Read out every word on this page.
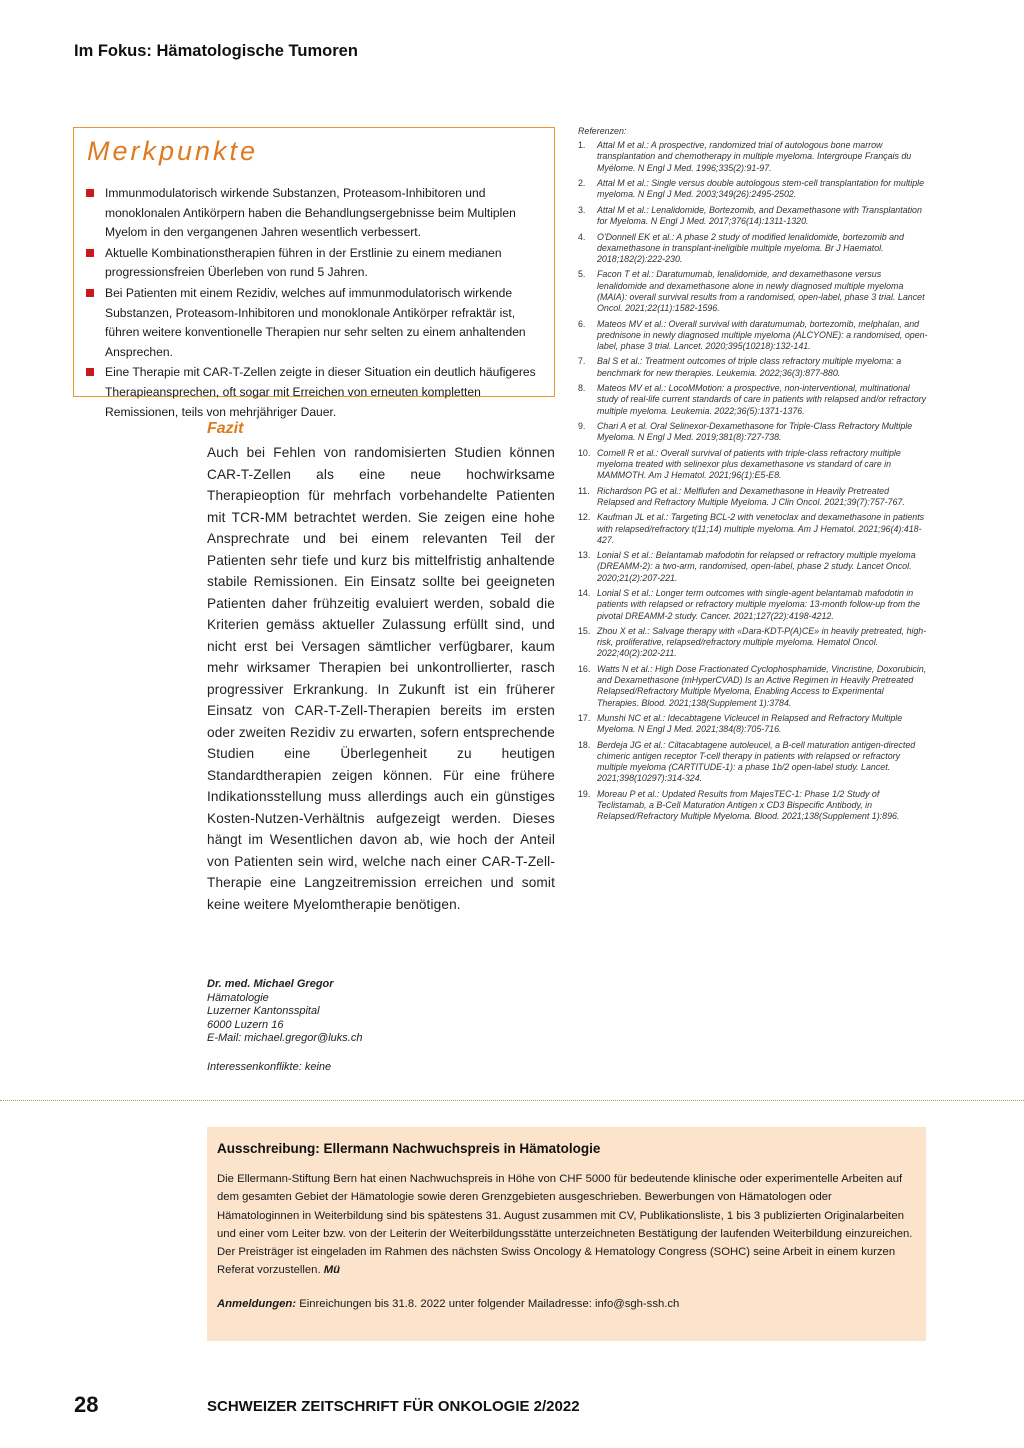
Im Fokus: Hämatologische Tumoren
Merkpunkte
Immunmodulatorisch wirkende Substanzen, Proteasom-Inhibitoren und monoklonalen Antikörpern haben die Behandlungsergebnisse beim Multiplen Myelom in den vergangenen Jahren wesentlich verbessert.
Aktuelle Kombinationstherapien führen in der Erstlinie zu einem medianen progressionsfreien Überleben von rund 5 Jahren.
Bei Patienten mit einem Rezidiv, welches auf immunmodulatorisch wirkende Substanzen, Proteasom-Inhibitoren und monoklonale Antikörper refraktär ist, führen weitere konventionelle Therapien nur sehr selten zu einem anhaltenden Ansprechen.
Eine Therapie mit CAR-T-Zellen zeigte in dieser Situation ein deutlich häufigeres Therapieansprechen, oft sogar mit Erreichen von erneuten kompletten Remissionen, teils von mehrjähriger Dauer.
Fazit

Auch bei Fehlen von randomisierten Studien können CAR-T-Zellen als eine neue hochwirksame Therapieoption für mehrfach vorbehandelte Patienten mit TCR-MM betrachtet werden. Sie zeigen eine hohe Ansprechrate und bei einem relevanten Teil der Patienten sehr tiefe und kurz bis mittelfristig anhaltende stabile Remissionen. Ein Einsatz sollte bei geeigneten Patienten daher frühzeitig evaluiert werden, sobald die Kriterien gemäss aktueller Zulassung erfüllt sind, und nicht erst bei Versagen sämtlicher verfügbarer, kaum mehr wirksamer Therapien bei unkontrollierter, rasch progressiver Erkrankung. In Zukunft ist ein früherer Einsatz von CAR-T-Zell-Therapien bereits im ersten oder zweiten Rezidiv zu erwarten, sofern entsprechende Studien eine Überlegenheit zu heutigen Standardtherapien zeigen können. Für eine frühere Indikationsstellung muss allerdings auch ein günstiges Kosten-Nutzen-Verhältnis aufgezeigt werden. Dieses hängt im Wesentlichen davon ab, wie hoch der Anteil von Patienten sein wird, welche nach einer CAR-T-Zell-Therapie eine Langzeitremission erreichen und somit keine weitere Myelomtherapie benötigen.

Dr. med. Michael Gregor
Hämatologie
Luzerner Kantonsspital
6000 Luzern 16
E-Mail: michael.gregor@luks.ch
Interessenkonflikte: keine
Referenzen:
1. Attal M et al.: A prospective, randomized trial of autologous bone marrow transplantation and chemotherapy in multiple myeloma. Intergroupe Français du Myélome. N Engl J Med. 1996;335(2):91-97.
2. Attal M et al.: Single versus double autologous stem-cell transplantation for multiple myeloma. N Engl J Med. 2003;349(26):2495-2502.
3. Attal M et al.: Lenalidomide, Bortezomib, and Dexamethasone with Transplantation for Myeloma. N Engl J Med. 2017;376(14):1311-1320.
4. O'Donnell EK et al.: A phase 2 study of modified lenalidomide, bortezomib and dexamethasone in transplant-ineligible multiple myeloma. Br J Haematol. 2018;182(2):222-230.
5. Facon T et al.: Daratumumab, lenalidomide, and dexamethasone versus lenalidomide and dexamethasone alone in newly diagnosed multiple myeloma (MAIA): overall survival results from a randomised, open-label, phase 3 trial. Lancet Oncol. 2021;22(11):1582-1596.
6. Mateos MV et al.: Overall survival with daratumumab, bortezomib, melphalan, and prednisone in newly diagnosed multiple myeloma (ALCYONE): a randomised, open-label, phase 3 trial. Lancet. 2020;395(10218):132-141.
7. Bal S et al.: Treatment outcomes of triple class refractory multiple myeloma: a benchmark for new therapies. Leukemia. 2022;36(3):877-880.
8. Mateos MV et al.: LocoMMotion: a prospective, non-interventional, multinational study of real-life current standards of care in patients with relapsed and/or refractory multiple myeloma. Leukemia. 2022;36(5):1371-1376.
9. Chari A et al. Oral Selinexor-Dexamethasone for Triple-Class Refractory Multiple Myeloma. N Engl J Med. 2019;381(8):727-738.
10. Cornell R et al.: Overall survival of patients with triple-class refractory multiple myeloma treated with selinexor plus dexamethasone vs standard of care in MAMMOTH. Am J Hematol. 2021;96(1):E5-E8.
11. Richardson PG et al.: Melflufen and Dexamethasone in Heavily Pretreated Relapsed and Refractory Multiple Myeloma. J Clin Oncol. 2021;39(7):757-767.
12. Kaufman JL et al.: Targeting BCL-2 with venetoclax and dexamethasone in patients with relapsed/refractory t(11;14) multiple myeloma. Am J Hematol. 2021;96(4):418-427.
13. Lonial S et al.: Belantamab mafodotin for relapsed or refractory multiple myeloma (DREAMM-2): a two-arm, randomised, open-label, phase 2 study. Lancet Oncol. 2020;21(2):207-221.
14. Lonial S et al.: Longer term outcomes with single-agent belantamab mafodotin in patients with relapsed or refractory multiple myeloma: 13-month follow-up from the pivotal DREAMM-2 study. Cancer. 2021;127(22):4198-4212.
15. Zhou X et al.: Salvage therapy with «Dara-KDT-P(A)CE» in heavily pretreated, high-risk, proliferative, relapsed/refractory multiple myeloma. Hematol Oncol. 2022;40(2):202-211.
16. Watts N et al.: High Dose Fractionated Cyclophosphamide, Vincristine, Doxorubicin, and Dexamethasone (mHyperCVAD) Is an Active Regimen in Heavily Pretreated Relapsed/Refractory Multiple Myeloma, Enabling Access to Experimental Therapies. Blood. 2021;138(Supplement 1):3784.
17. Munshi NC et al.: Idecabtagene Vicleucel in Relapsed and Refractory Multiple Myeloma. N Engl J Med. 2021;384(8):705-716.
18. Berdeja JG et al.: Ciltacabtagene autoleucel, a B-cell maturation antigen-directed chimeric antigen receptor T-cell therapy in patients with relapsed or refractory multiple myeloma (CARTITUDE-1): a phase 1b/2 open-label study. Lancet. 2021;398(10297):314-324.
19. Moreau P et al.: Updated Results from MajesTEC-1: Phase 1/2 Study of Teclistamab, a B-Cell Maturation Antigen x CD3 Bispecific Antibody, in Relapsed/Refractory Multiple Myeloma. Blood. 2021;138(Supplement 1):896.
Ausschreibung: Ellermann Nachwuchspreis in Hämatologie

Die Ellermann-Stiftung Bern hat einen Nachwuchspreis in Höhe von CHF 5000 für bedeutende klinische oder experimentelle Arbeiten auf dem gesamten Gebiet der Hämatologie sowie deren Grenzgebieten ausgeschrieben. Bewerbungen von Hämatologen oder Hämatologinnen in Weiterbildung sind bis spätestens 31. August zusammen mit CV, Publikationsliste, 1 bis 3 publizierten Originalarbeiten und einer vom Leiter bzw. von der Leiterin der Weiterbildungsstätte unterzeichneten Bestätigung der laufenden Weiterbildung einzureichen. Der Preisträger ist eingeladen im Rahmen des nächsten Swiss Oncology & Hematology Congress (SOHC) seine Arbeit in einem kurzen Referat vorzustellen. Mü

Anmeldungen: Einreichungen bis 31.8. 2022 unter folgender Mailadresse: info@sgh-ssh.ch

28	SCHWEIZER ZEITSCHRIFT FÜR ONKOLOGIE 2/2022
